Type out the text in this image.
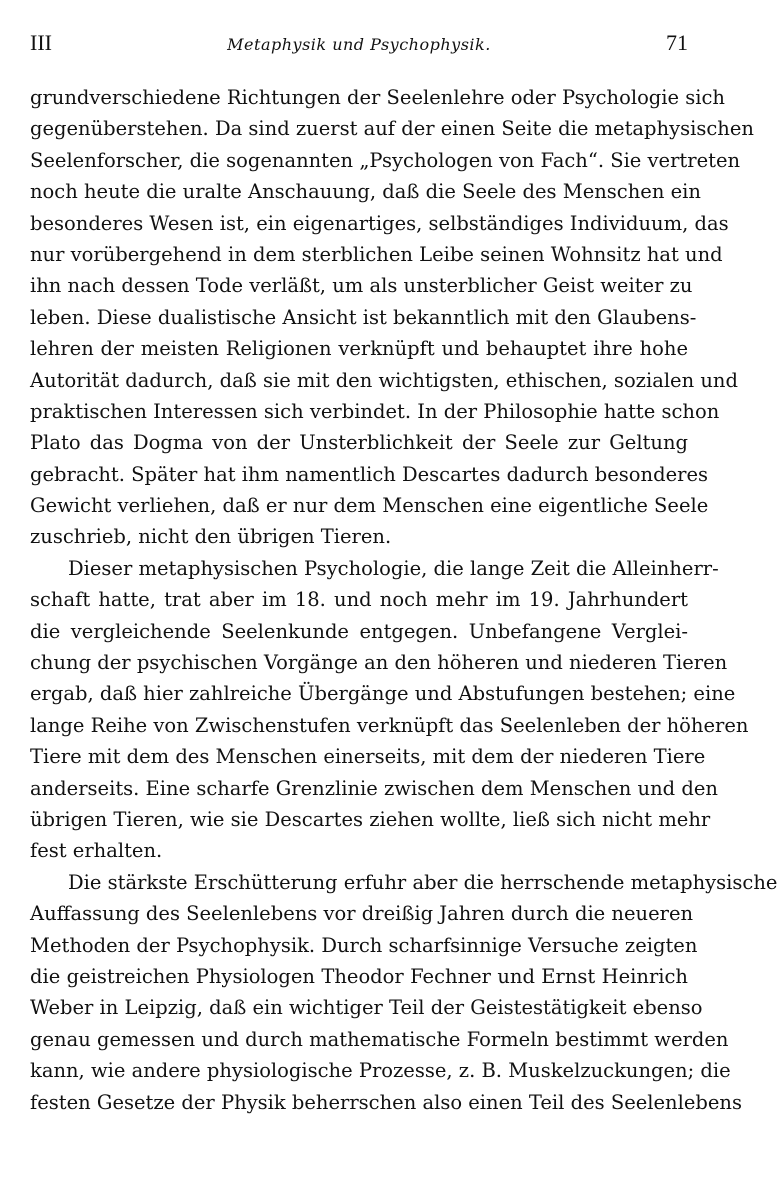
III	Metaphysik und Psychophysik.	71
grundverschiedene Richtungen der Seelenlehre oder Psychologie sich
gegenüberstehen. Da sind zuerst auf der einen Seite die metaphysischen
Seelenforscher, die sogenannten „Psychologen von Fach“. Sie vertreten
noch heute die uralte Anschauung, daß die Seele des Menschen ein
besonderes Wesen ist, ein eigenartiges, selbständiges Individuum, das
nur vorübergehend in dem sterblichen Leibe seinen Wohnsitz hat und
ihn nach dessen Tode verläßt, um als unsterblicher Geist weiter zu
leben. Diese dualistische Ansicht ist bekanntlich mit den Glaubens-
lehren der meisten Religionen verknüpft und behauptet ihre hohe
Autorität dadurch, daß sie mit den wichtigsten, ethischen, sozialen und
praktischen Interessen sich verbindet. In der Philosophie hatte schon
Plato das Dogma von der Unsterblichkeit der Seele zur Geltung
gebracht. Später hat ihm namentlich Descartes dadurch besonderes
Gewicht verliehen, daß er nur dem Menschen eine eigentliche Seele
zuschrieb, nicht den übrigen Tieren.
Dieser metaphysischen Psychologie, die lange Zeit die Alleinherr-
schaft hatte, trat aber im 18. und noch mehr im 19. Jahrhundert
die vergleichende Seelenkunde entgegen. Unbefangene Verglei-
chung der psychischen Vorgänge an den höheren und niederen Tieren
ergab, daß hier zahlreiche Übergänge und Abstufungen bestehen; eine
lange Reihe von Zwischenstufen verknüpft das Seelenleben der höheren
Tiere mit dem des Menschen einerseits, mit dem der niederen Tiere
anderseits. Eine scharfe Grenzlinie zwischen dem Menschen und den
übrigen Tieren, wie sie Descartes ziehen wollte, ließ sich nicht mehr
fest erhalten.
Die stärkste Erschütterung erfuhr aber die herrschende metaphysische
Auffassung des Seelenlebens vor dreißig Jahren durch die neueren
Methoden der Psychophysik. Durch scharfsinnige Versuche zeigten
die geistreichen Physiologen Theodor Fechner und Ernst Heinrich
Weber in Leipzig, daß ein wichtiger Teil der Geistestätigkeit ebenso
genau gemessen und durch mathematische Formeln bestimmt werden
kann, wie andere physiologische Prozesse, z. B. Muskelzuckungen; die
festen Gesetze der Physik beherrschen also einen Teil des Seelenlebens
